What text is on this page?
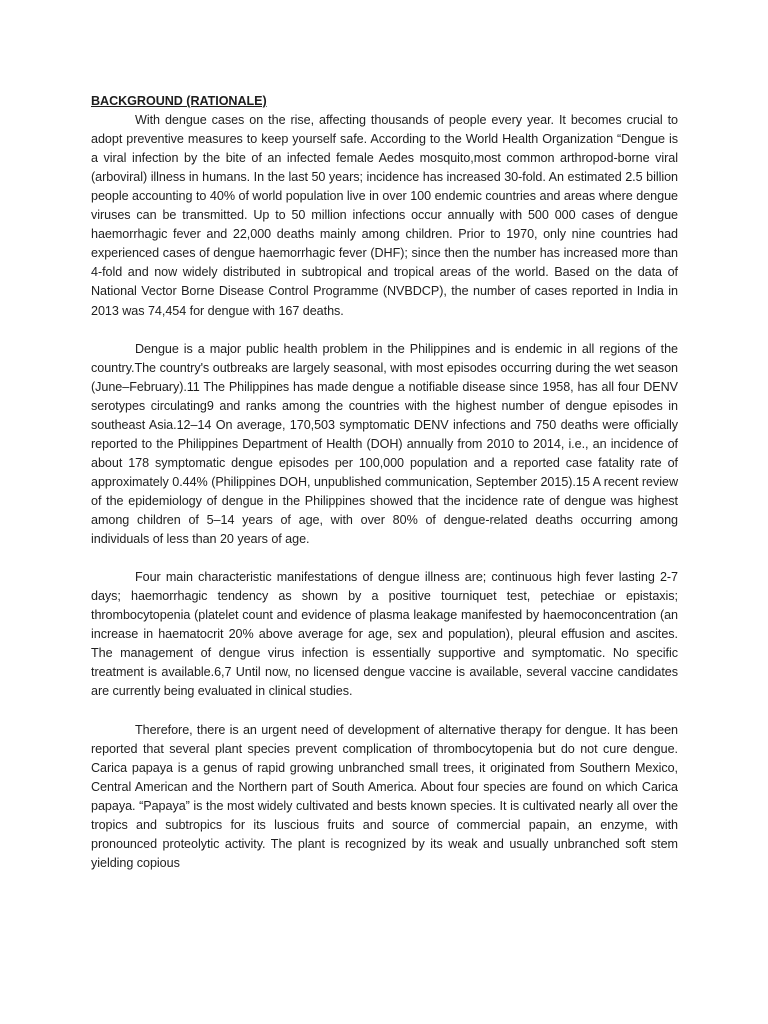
BACKGROUND (RATIONALE)

With dengue cases on the rise, affecting thousands of people every year. It becomes crucial to adopt preventive measures to keep yourself safe. According to the World Health Organization “Dengue is a viral infection by the bite of an infected female Aedes mosquito,most common arthropod-borne viral (arboviral) illness in humans. In the last 50 years; incidence has increased 30-fold. An estimated 2.5 billion people accounting to 40% of world population live in over 100 endemic countries and areas where dengue viruses can be transmitted. Up to 50 million infections occur annually with 500 000 cases of dengue haemorrhagic fever and 22,000 deaths mainly among children. Prior to 1970, only nine countries had experienced cases of dengue haemorrhagic fever (DHF); since then the number has increased more than 4-fold and now widely distributed in subtropical and tropical areas of the world. Based on the data of National Vector Borne Disease Control Programme (NVBDCP), the number of cases reported in India in 2013 was 74,454 for dengue with 167 deaths.

Dengue is a major public health problem in the Philippines and is endemic in all regions of the country.The country's outbreaks are largely seasonal, with most episodes occurring during the wet season (June–February).11 The Philippines has made dengue a notifiable disease since 1958, has all four DENV serotypes circulating9 and ranks among the countries with the highest number of dengue episodes in southeast Asia.12–14 On average, 170,503 symptomatic DENV infections and 750 deaths were officially reported to the Philippines Department of Health (DOH) annually from 2010 to 2014, i.e., an incidence of about 178 symptomatic dengue episodes per 100,000 population and a reported case fatality rate of approximately 0.44% (Philippines DOH, unpublished communication, September 2015).15 A recent review of the epidemiology of dengue in the Philippines showed that the incidence rate of dengue was highest among children of 5–14 years of age, with over 80% of dengue-related deaths occurring among individuals of less than 20 years of age.

Four main characteristic manifestations of dengue illness are; continuous high fever lasting 2-7 days; haemorrhagic tendency as shown by a positive tourniquet test, petechiae or epistaxis; thrombocytopenia (platelet count and evidence of plasma leakage manifested by haemoconcentration (an increase in haematocrit 20% above average for age, sex and population), pleural effusion and ascites. The management of dengue virus infection is essentially supportive and symptomatic. No specific treatment is available.6,7 Until now, no licensed dengue vaccine is available, several vaccine candidates are currently being evaluated in clinical studies.

Therefore, there is an urgent need of development of alternative therapy for dengue. It has been reported that several plant species prevent complication of thrombocytopenia but do not cure dengue. Carica papaya is a genus of rapid growing unbranched small trees, it originated from Southern Mexico, Central American and the Northern part of South America. About four species are found on which Carica papaya. “Papaya” is the most widely cultivated and bests known species. It is cultivated nearly all over the tropics and subtropics for its luscious fruits and source of commercial papain, an enzyme, with pronounced proteolytic activity. The plant is recognized by its weak and usually unbranched soft stem yielding copious
